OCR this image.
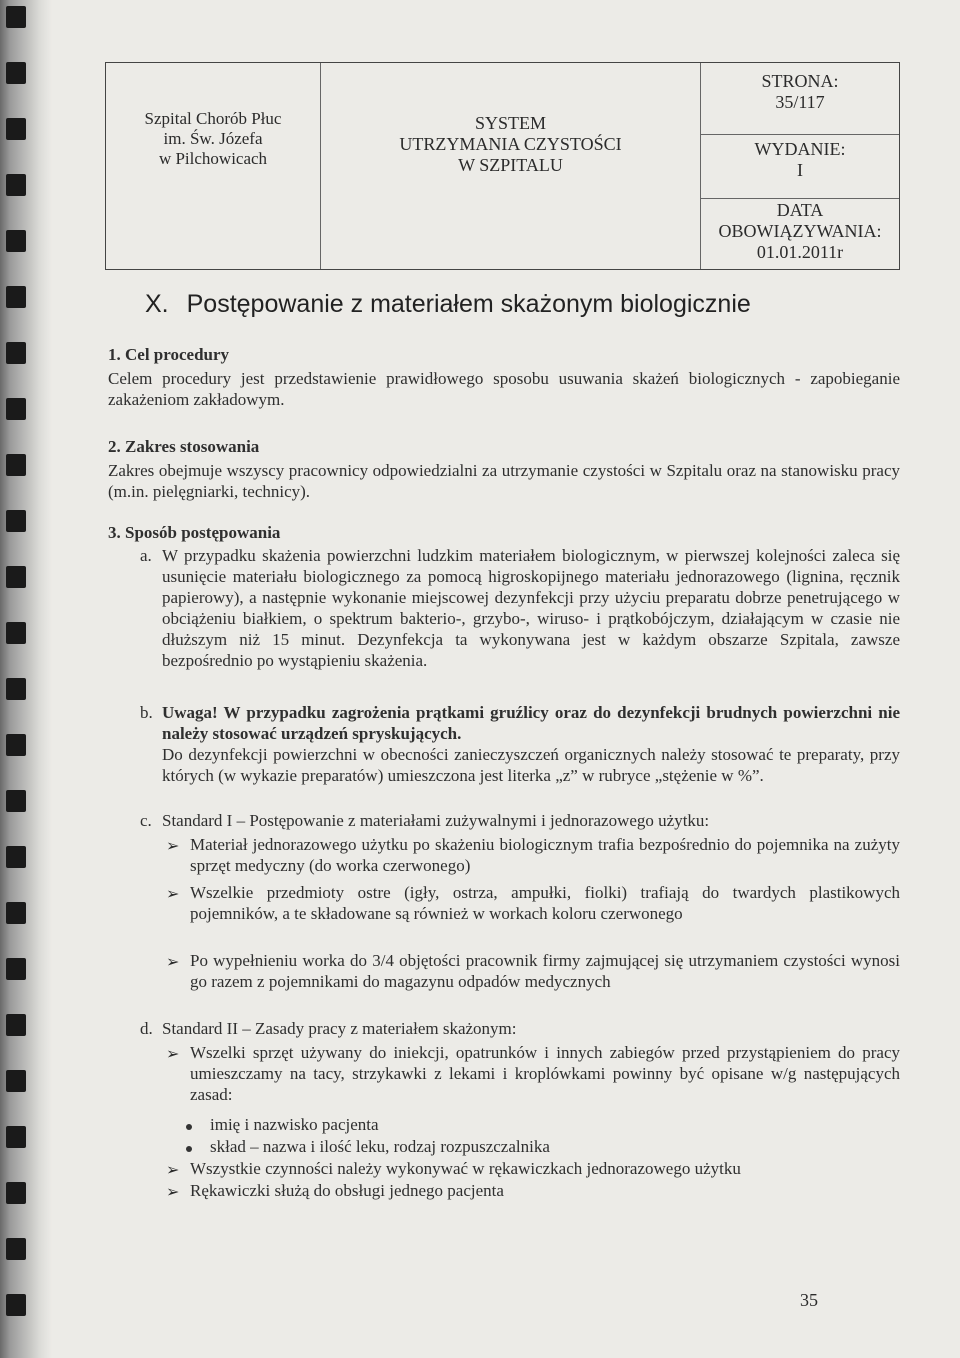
Szpital Chorób Płuc
im. Św. Józefa
w Pilchowicach
SYSTEM
UTRZYMANIA CZYSTOŚCI
W SZPITALU
STRONA:
35/117
WYDANIE:
I
DATA
OBOWIĄZYWANIA:
01.01.2011r
X. Postępowanie z materiałem skażonym biologicznie
1. Cel procedury
Celem procedury jest przedstawienie prawidłowego sposobu usuwania skażeń biologicznych - zapobieganie zakażeniom zakładowym.
2. Zakres stosowania
Zakres obejmuje wszyscy pracownicy odpowiedzialni za utrzymanie czystości w Szpitalu oraz na stanowisku pracy (m.in. pielęgniarki, technicy).
3. Sposób postępowania
a. W przypadku skażenia powierzchni ludzkim materiałem biologicznym, w pierwszej kolejności zaleca się usunięcie materiału biologicznego za pomocą higroskopijnego materiału jednorazowego (lignina, ręcznik papierowy), a następnie wykonanie miejscowej dezynfekcji przy użyciu preparatu dobrze penetrującego w obciążeniu białkiem, o spektrum bakterio-, grzybo-, wiruso- i prątkobójczym, działającym w czasie nie dłuższym niż 15 minut. Dezynfekcja ta wykonywana jest w każdym obszarze Szpitala, zawsze bezpośrednio po wystąpieniu skażenia.
b. Uwaga! W przypadku zagrożenia prątkami gruźlicy oraz do dezynfekcji brudnych powierzchni nie należy stosować urządzeń spryskujących.
Do dezynfekcji powierzchni w obecności zanieczyszczeń organicznych należy stosować te preparaty, przy których (w wykazie preparatów) umieszczona jest literka „z” w rubryce „stężenie w %”.
c. Standard I – Postępowanie z materiałami zużywalnymi i jednorazowego użytku:
➢ Materiał jednorazowego użytku po skażeniu biologicznym trafia bezpośrednio do pojemnika na zużyty sprzęt medyczny (do worka czerwonego)
➢ Wszelkie przedmioty ostre (igły, ostrza, ampułki, fiolki) trafiają do twardych plastikowych pojemników, a te składowane są również w workach koloru czerwonego
➢ Po wypełnieniu worka do 3/4 objętości pracownik firmy zajmującej się utrzymaniem czystości wynosi go razem z pojemnikami do magazynu odpadów medycznych
d. Standard II – Zasady pracy z materiałem skażonym:
➢ Wszelki sprzęt używany do iniekcji, opatrunków i innych zabiegów przed przystąpieniem do pracy umieszczamy na tacy, strzykawki z lekami i kroplówkami powinny być opisane w/g następujących zasad:
imię i nazwisko pacjenta
skład – nazwa i ilość leku, rodzaj rozpuszczalnika
➢ Wszystkie czynności należy wykonywać w rękawiczkach jednorazowego użytku
➢ Rękawiczki służą do obsługi jednego pacjenta
35
